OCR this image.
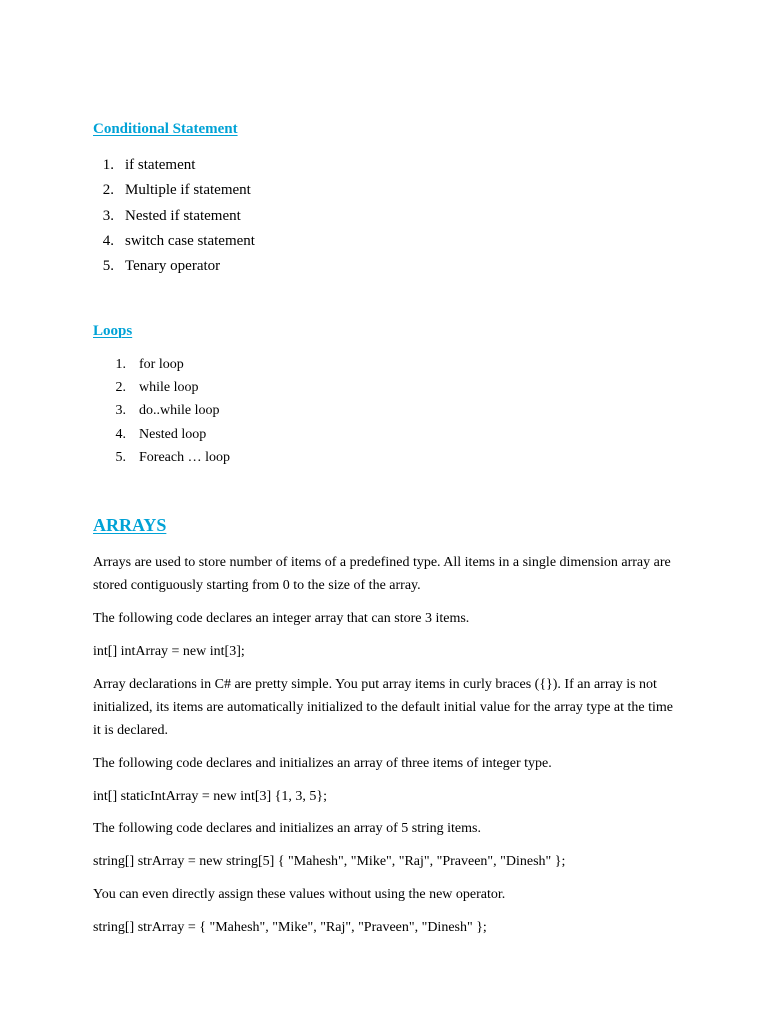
Conditional Statement
1. if statement
2. Multiple if statement
3. Nested if statement
4. switch case statement
5. Tenary operator
Loops
1. for loop
2. while loop
3. do..while loop
4. Nested loop
5. Foreach … loop
ARRAYS

Arrays are used to store number of items of a predefined type. All items in a single dimension array are stored contiguously starting from 0 to the size of the array.

The following code declares an integer array that can store 3 items.

int[] intArray = new int[3];

Array declarations in C# are pretty simple. You put array items in curly braces ({}). If an array is not initialized, its items are automatically initialized to the default initial value for the array type at the time it is declared.

The following code declares and initializes an array of three items of integer type.

int[] staticIntArray = new int[3] {1, 3, 5};

The following code declares and initializes an array of 5 string items.

string[] strArray = new string[5] { "Mahesh", "Mike", "Raj", "Praveen", "Dinesh" };

You can even directly assign these values without using the new operator.

string[] strArray = { "Mahesh", "Mike", "Raj", "Praveen", "Dinesh" };
